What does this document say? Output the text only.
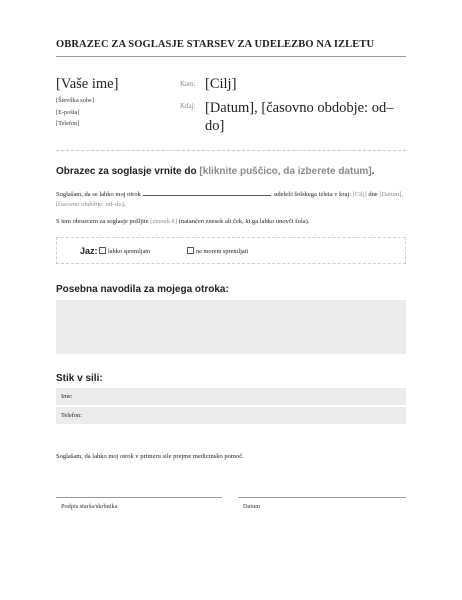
OBRAZEC ZA SOGLASJE STARSEV ZA UDELEZBO NA IZLETU
[Vaše ime]
[Številka sobe]
[E-pošta]
[Telefon]
Kam: [Cilj]
Kdaj: [Datum], [časovno obdobje: od–do]
Obrazec za soglasje vrnite do [kliknite puščico, da izberete datum].
Soglašam, da se lahko moj otrok	udeleži šolskega izleta v kraj: [Cilj] dne [Datum], [časovno obdobje: od–do].
S tem obrazcem za soglasje pošljite [znesek €] (natančen znesek ali ček, ki ga lahko unovči šola).
Jaz:	lahko spremljam	ne morem spremljati
Posebna navodila za mojega otroka:
Stik v sili:
Ime:
Telefon:
Soglašam, da lahko moj otrok v primeru sile prejme medicinsko pomoč.
Podpis starša/skrbnika	Datum
